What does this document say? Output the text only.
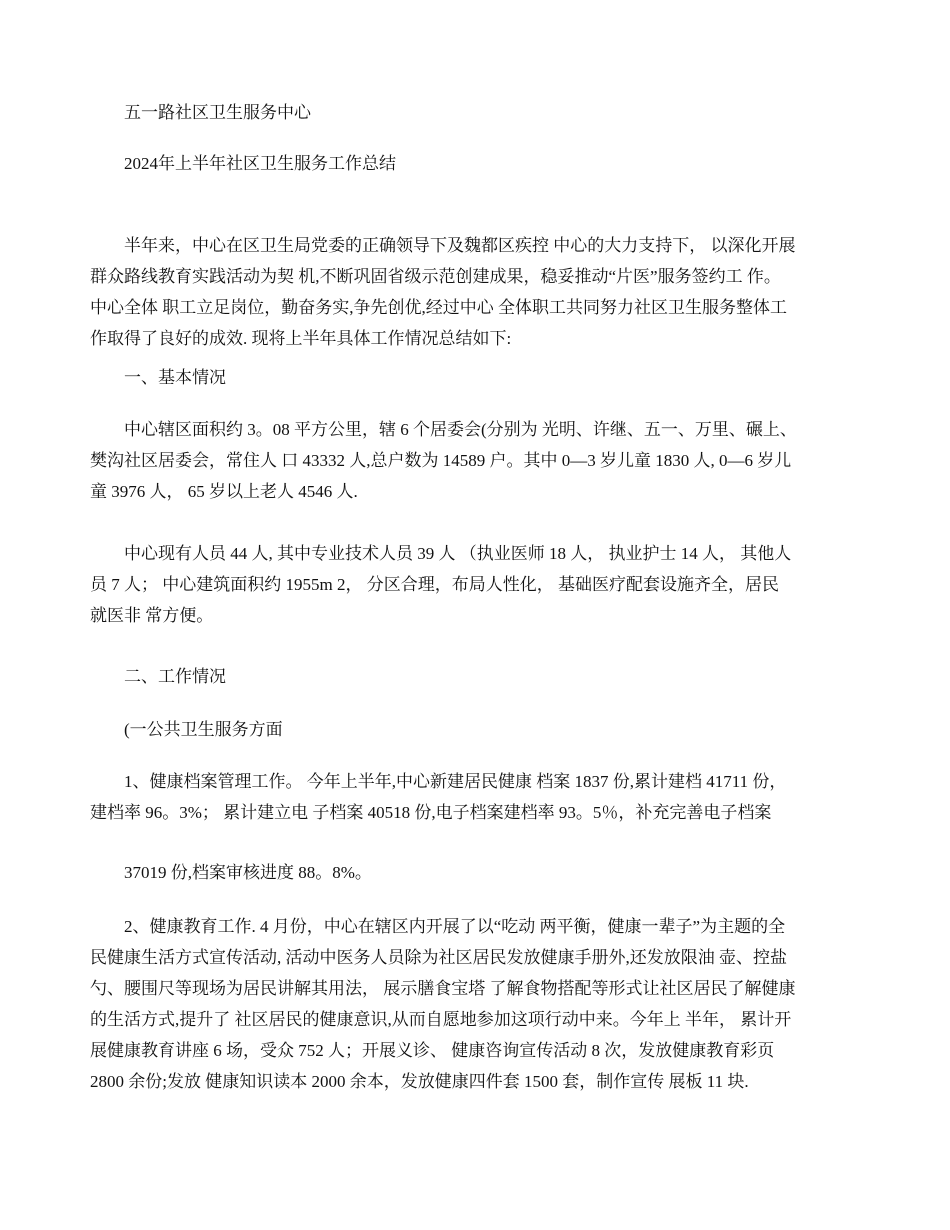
五一路社区卫生服务中心

2024年上半年社区卫生服务工作总结

半年来，中心在区卫生局党委的正确领导下及魏都区疾控 中心的大力支持下， 以深化开展

群众路线教育实践活动为契 机,不断巩固省级示范创建成果，稳妥推动“片医”服务签约工 作。

中心全体 职工立足岗位，勤奋务实,争先创优,经过中心 全体职工共同努力社区卫生服务整体工

作取得了良好的成效. 现将上半年具体工作情况总结如下:

一、基本情况

中心辖区面积约 3。08 平方公里，辖 6 个居委会(分别为 光明、许继、五一、万里、碾上、

樊沟社区居委会，常住人 口 43332 人,总户数为 14589 户。其中 0—3 岁儿童 1830 人, 0—6 岁儿

童 3976 人， 65 岁以上老人 4546 人.

中心现有人员 44 人, 其中专业技术人员 39 人 （执业医师 18 人， 执业护士 14 人， 其他人

员 7 人； 中心建筑面积约 1955m 2， 分区合理，布局人性化， 基础医疗配套设施齐全，居民

就医非 常方便。

二、工作情况

(一公共卫生服务方面

1、健康档案管理工作。 今年上半年,中心新建居民健康 档案 1837 份,累计建档 41711 份，

建档率 96。3%； 累计建立电 子档案 40518 份,电子档案建档率 93。5％，补充完善电子档案

37019 份,档案审核进度 88。8%。

2、健康教育工作. 4 月份，中心在辖区内开展了以“吃动 两平衡，健康一辈子”为主题的全

民健康生活方式宣传活动, 活动中医务人员除为社区居民发放健康手册外,还发放限油 壶、控盐

勺、腰围尺等现场为居民讲解其用法， 展示膳食宝塔 了解食物搭配等形式让社区居民了解健康

的生活方式,提升了 社区居民的健康意识,从而自愿地参加这项行动中来。今年上 半年， 累计开

展健康教育讲座 6 场，受众 752 人；开展义诊、 健康咨询宣传活动 8 次，发放健康教育彩页

2800 余份;发放 健康知识读本 2000 余本，发放健康四件套 1500 套，制作宣传 展板 11 块.
